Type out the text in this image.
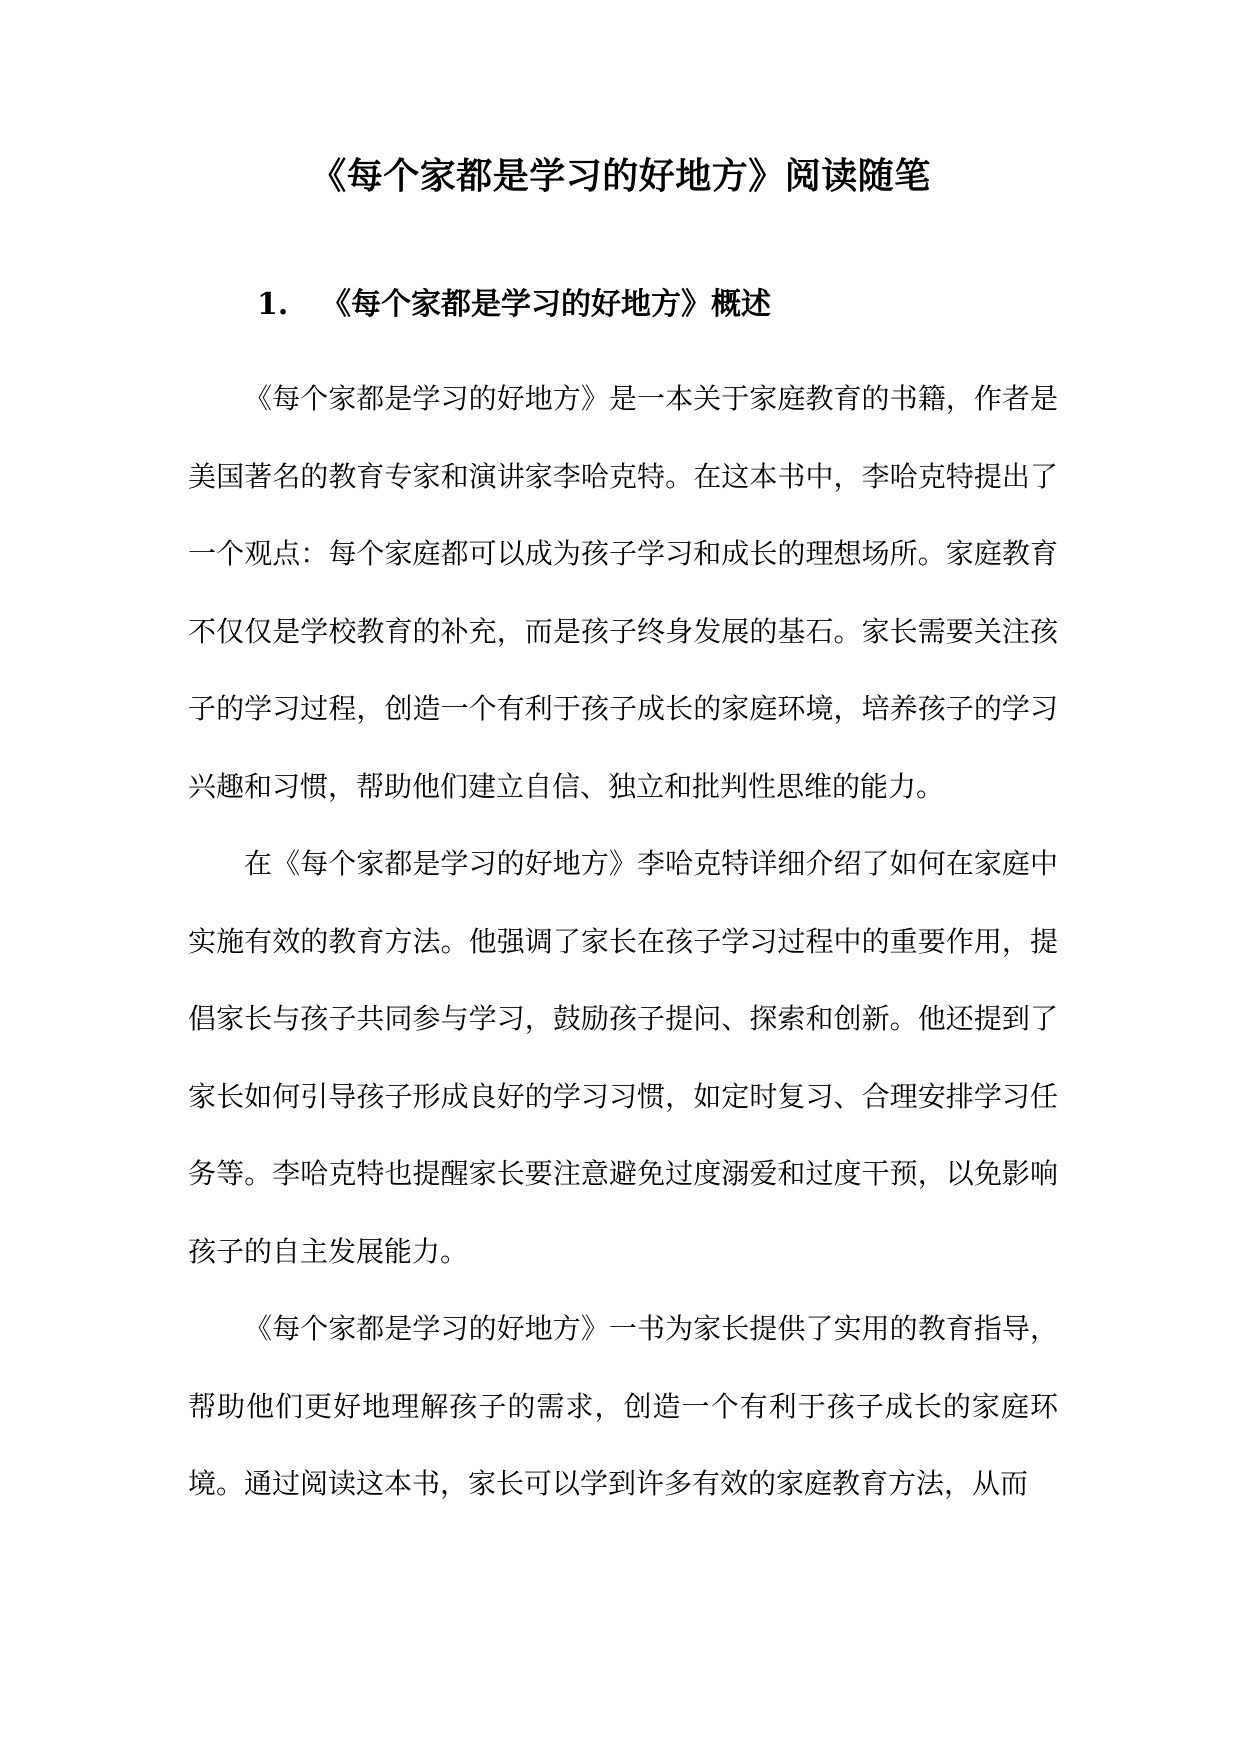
《每个家都是学习的好地方》阅读随笔
1. 《每个家都是学习的好地方》概述

《每个家都是学习的好地方》是一本关于家庭教育的书籍，作者是美国著名的教育专家和演讲家李哈克特。在这本书中，李哈克特提出了一个观点：每个家庭都可以成为孩子学习和成长的理想场所。家庭教育不仅仅是学校教育的补充，而是孩子终身发展的基石。家长需要关注孩子的学习过程，创造一个有利于孩子成长的家庭环境，培养孩子的学习兴趣和习惯，帮助他们建立自信、独立和批判性思维的能力。

在《每个家都是学习的好地方》李哈克特详细介绍了如何在家庭中实施有效的教育方法。他强调了家长在孩子学习过程中的重要作用，提倡家长与孩子共同参与学习，鼓励孩子提问、探索和创新。他还提到了家长如何引导孩子形成良好的学习习惯，如定时复习、合理安排学习任务等。李哈克特也提醒家长要注意避免过度溺爱和过度干预，以免影响孩子的自主发展能力。

《每个家都是学习的好地方》一书为家长提供了实用的教育指导，帮助他们更好地理解孩子的需求，创造一个有利于孩子成长的家庭环境。通过阅读这本书，家长可以学到许多有效的家庭教育方法，从而
